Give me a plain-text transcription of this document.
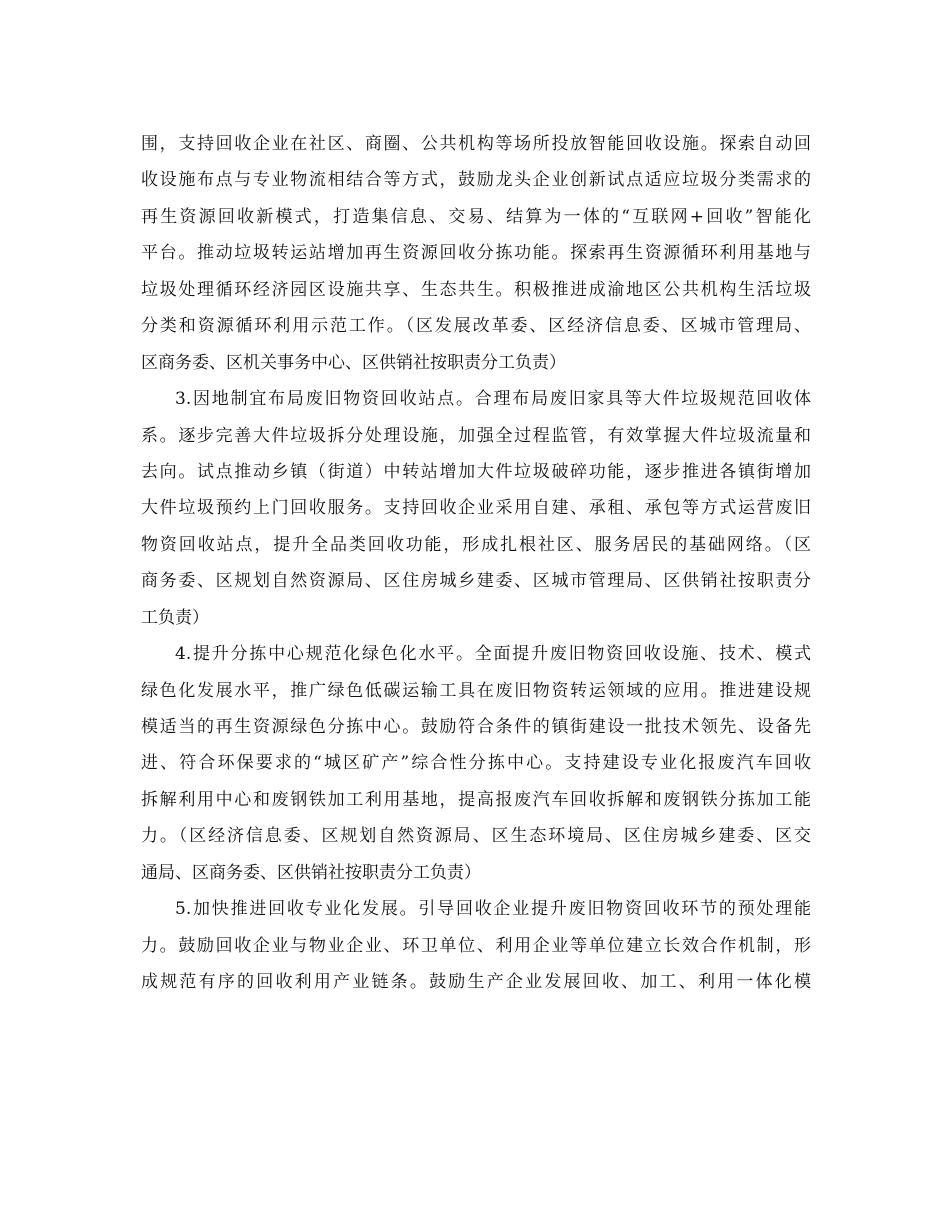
围，支持回收企业在社区、商圈、公共机构等场所投放智能回收设施。探索自动回
收设施布点与专业物流相结合等方式，鼓励龙头企业创新试点适应垃圾分类需求的
再生资源回收新模式，打造集信息、交易、结算为一体的“互联网+回收”智能化
平台。推动垃圾转运站增加再生资源回收分拣功能。探索再生资源循环利用基地与
垃圾处理循环经济园区设施共享、生态共生。积极推进成渝地区公共机构生活垃圾
分类和资源循环利用示范工作。（区发展改革委、区经济信息委、区城市管理局、
区商务委、区机关事务中心、区供销社按职责分工负责）
3.因地制宜布局废旧物资回收站点。合理布局废旧家具等大件垃圾规范回收体
系。逐步完善大件垃圾拆分处理设施，加强全过程监管，有效掌握大件垃圾流量和
去向。试点推动乡镇（街道）中转站增加大件垃圾破碎功能，逐步推进各镇街增加
大件垃圾预约上门回收服务。支持回收企业采用自建、承租、承包等方式运营废旧
物资回收站点，提升全品类回收功能，形成扎根社区、服务居民的基础网络。（区
商务委、区规划自然资源局、区住房城乡建委、区城市管理局、区供销社按职责分
工负责）
4.提升分拣中心规范化绿色化水平。全面提升废旧物资回收设施、技术、模式
绿色化发展水平，推广绿色低碳运输工具在废旧物资转运领域的应用。推进建设规
模适当的再生资源绿色分拣中心。鼓励符合条件的镇街建设一批技术领先、设备先
进、符合环保要求的“城区矿产”综合性分拣中心。支持建设专业化报废汽车回收
拆解利用中心和废钢铁加工利用基地，提高报废汽车回收拆解和废钢铁分拣加工能
力。（区经济信息委、区规划自然资源局、区生态环境局、区住房城乡建委、区交
通局、区商务委、区供销社按职责分工负责）
5.加快推进回收专业化发展。引导回收企业提升废旧物资回收环节的预处理能
力。鼓励回收企业与物业企业、环卫单位、利用企业等单位建立长效合作机制，形
成规范有序的回收利用产业链条。鼓励生产企业发展回收、加工、利用一体化模
